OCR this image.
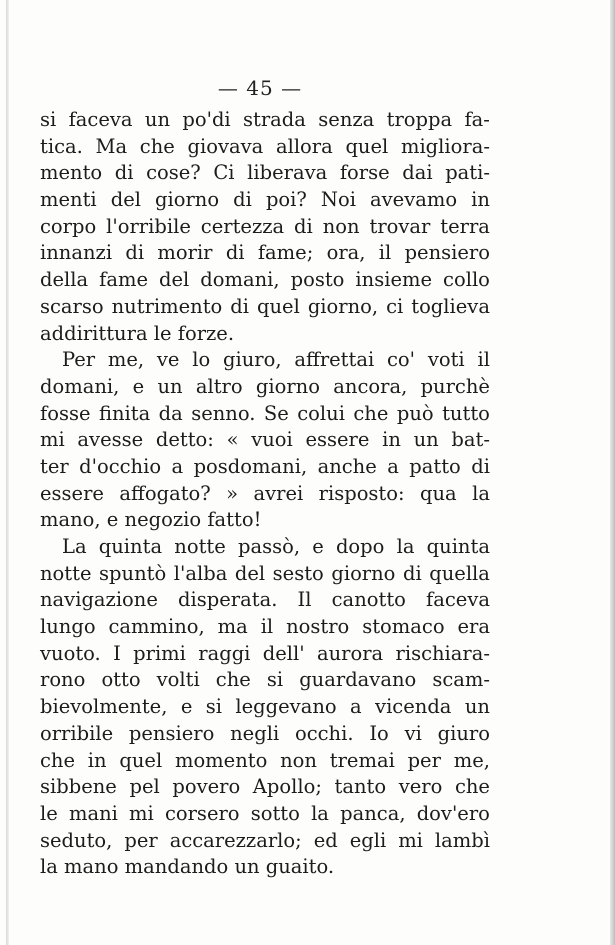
— 45 —
si faceva un po'di strada senza troppa fa-
tica. Ma che giovava allora quel migliora-
mento di cose? Ci liberava forse dai pati-
menti del giorno di poi? Noi avevamo in
corpo l'orribile certezza di non trovar terra
innanzi di morir di fame; ora, il pensiero
della fame del domani, posto insieme collo
scarso nutrimento di quel giorno, ci toglieva
addirittura le forze.
Per me, ve lo giuro, affrettai co' voti il
domani, e un altro giorno ancora, purchè
fosse finita da senno. Se colui che può tutto
mi avesse detto: « vuoi essere in un bat-
ter d'occhio a posdomani, anche a patto di
essere affogato? » avrei risposto: qua la
mano, e negozio fatto!
La quinta notte passò, e dopo la quinta
notte spuntò l'alba del sesto giorno di quella
navigazione disperata. Il canotto faceva
lungo cammino, ma il nostro stomaco era
vuoto. I primi raggi dell' aurora rischiara-
rono otto volti che si guardavano scam-
bievolmente, e si leggevano a vicenda un
orribile pensiero negli occhi. Io vi giuro
che in quel momento non tremai per me,
sibbene pel povero Apollo; tanto vero che
le mani mi corsero sotto la panca, dov'ero
seduto, per accarezzarlo; ed egli mi lambì
la mano mandando un guaito.
